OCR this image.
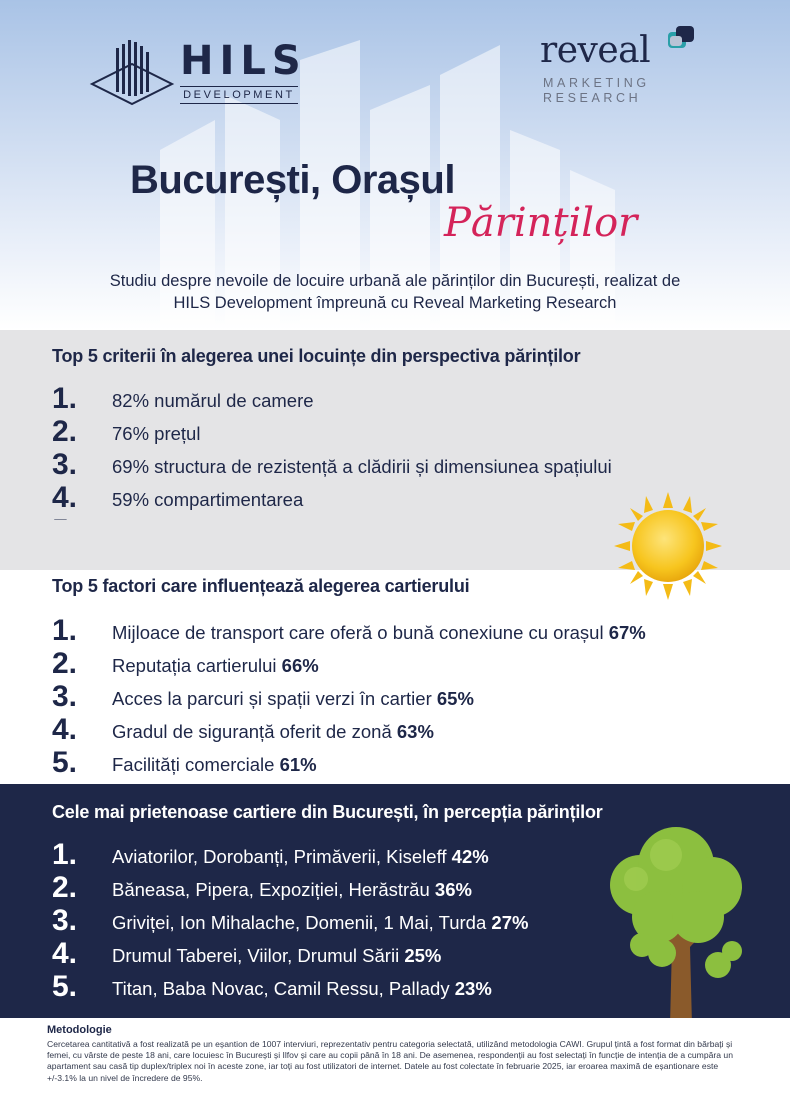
HILS
DEVELOPMENT
reveal
MARKETING
RESEARCH
București, Orașul
Părinților
Studiu despre nevoile de locuire urbană ale părinților din București, realizat de
HILS Development împreună cu Reveal Marketing Research
Top 5 criterii în alegerea unei locuințe din perspectiva părinților
1. 82% numărul de camere
2. 76% prețul
3. 69% structura de rezistență a clădirii și dimensiunea spațiului
4. 59% compartimentarea
Top 5 factori care influențează alegerea cartierului
1. Mijloace de transport care oferă o bună conexiune cu orașul 67%
2. Reputația cartierului 66%
3. Acces la parcuri și spații verzi în cartier 65%
4. Gradul de siguranță oferit de zonă 63%
5. Facilități comerciale 61%
Cele mai prietenoase cartiere din București, în percepția părinților
1. Aviatorilor, Dorobanți, Primăverii, Kiseleff 42%
2. Băneasa, Pipera, Expoziției, Herăstrău 36%
3. Griviței, Ion Mihalache, Domenii, 1 Mai, Turda 27%
4. Drumul Taberei, Viilor, Drumul Sării 25%
5. Titan, Baba Novac, Camil Ressu, Pallady 23%
Metodologie
Cercetarea cantitativă a fost realizată pe un eșantion de 1007 interviuri, reprezentativ pentru categoria selectată, utilizând metodologia CAWI. Grupul țintă a fost format din bărbați și femei, cu vârste de peste 18 ani, care locuiesc în București și Ilfov și care au copii până în 18 ani. De asemenea, respondenții au fost selectați în funcție de intenția de a cumpăra un apartament sau casă tip duplex/triplex noi în aceste zone, iar toți au fost utilizatori de internet. Datele au fost colectate în februarie 2025, iar eroarea maximă de eșantionare este +/-3.1% la un nivel de încredere de 95%.
